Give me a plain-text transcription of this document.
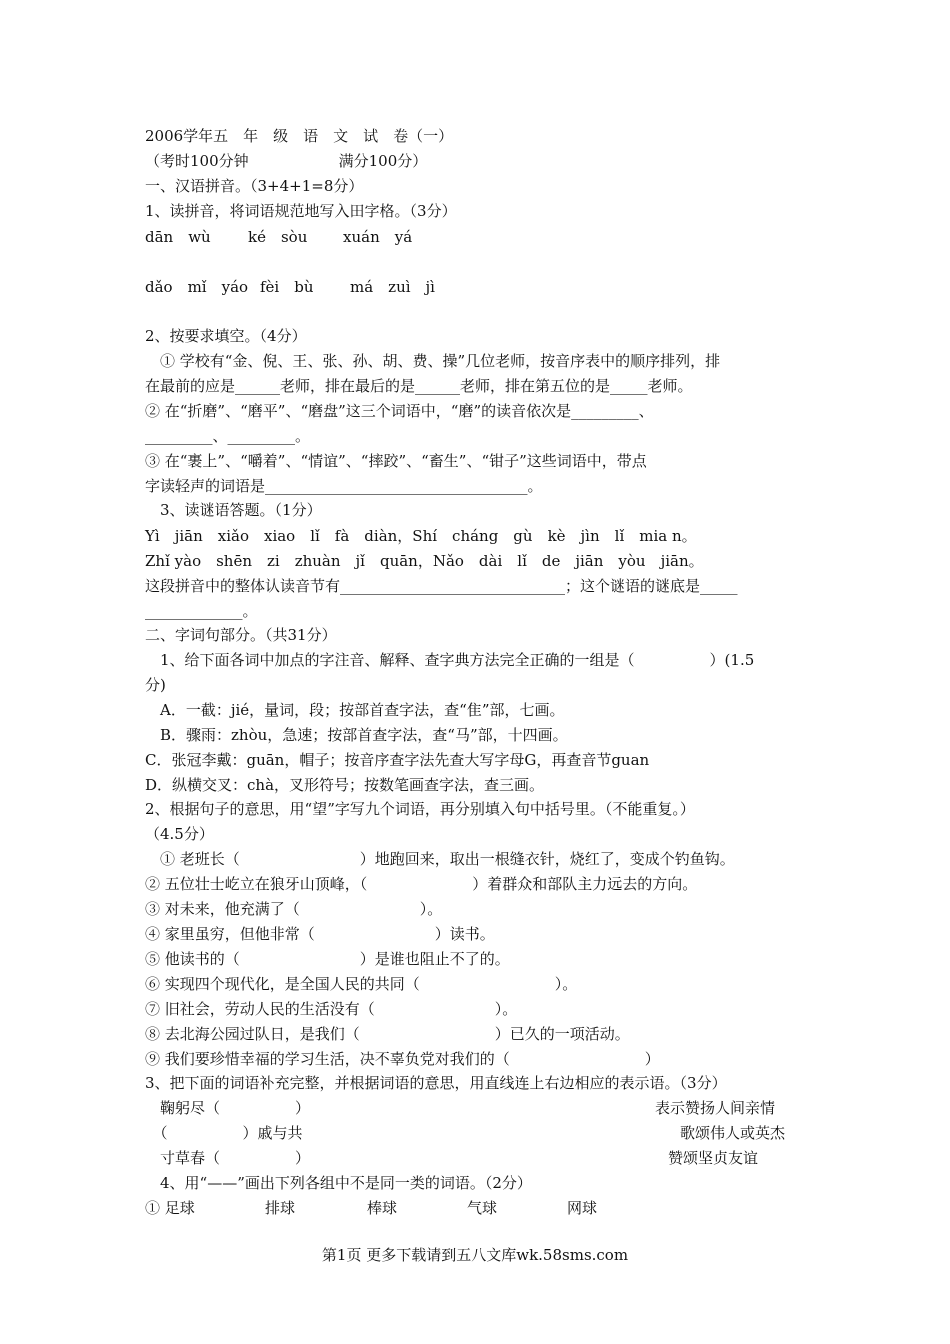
2006学年五　年　级　语　文　试　卷（一）

（考时100分钟　　　　　　满分100分）

一、汉语拼音。（3+4+1=8分）

1、读拼音，将词语规范地写入田字格。（3分）

dān　wù ké　sòu xuán　yá

dǎo　mǐ　yáo fèi　bù má　zuì　jì

2、按要求填空。（4分）

　① 学校有“金、倪、王、张、孙、胡、费、操”几位老师，按音序表中的顺序排列，排

在最前的应是______老师，排在最后的是______老师，排在第五位的是_____老师。

② 在“折磨”、“磨平”、“磨盘”这三个词语中，“磨”的读音依次是_________、

_________、_________。

③ 在“裹上”、“嚼着”、“情谊”、“摔跤”、“畜生”、“钳子”这些词语中，带点

字读轻声的词语是___________________________________。

　3、读谜语答题。（1分）

Yì　jiān　xiǎo　xiao　lǐ　fà　diàn，Shí　cháng　gù　kè　jìn　lǐ　mia n。

Zhǐ yào　shēn　zi　zhuàn　jǐ　quān，Nǎo　dài　lǐ　de　jiān　yòu　jiān。

这段拼音中的整体认读音节有______________________________；这个谜语的谜底是_____

_____________。

二、字词句部分。（共31分）

　1、给下面各词中加点的字注音、解释、查字典方法完全正确的一组是（　　　　　）(1.5

分)

　A．一截：jié，量词，段；按部首查字法，查“隹”部，七画。

　B．骤雨：zhòu，急速；按部首查字法，查“马”部，十四画。

C．张冠李戴：guān，帽子；按音序查字法先查大写字母G，再查音节guan

D．纵横交叉：chà，叉形符号；按数笔画查字法，查三画。

2、根据句子的意思，用“望”字写九个词语，再分别填入句中括号里。（不能重复。）

（4.5分）

　① 老班长（　　　　　　　　）地跑回来，取出一根缝衣针，烧红了，变成个钓鱼钩。

② 五位壮士屹立在狼牙山顶峰，（　　　　　　　）着群众和部队主力远去的方向。

③ 对未来，他充满了（　　　　　　　　）。

④ 家里虽穷，但他非常（　　　　　　　　）读书。

⑤ 他读书的（　　　　　　　　）是谁也阻止不了的。

⑥ 实现四个现代化，是全国人民的共同（　　　　　　　　　）。

⑦ 旧社会，劳动人民的生活没有（　　　　　　　　）。

⑧ 去北海公园过队日，是我们（　　　　　　　　　）已久的一项活动。

⑨ 我们要珍惜幸福的学习生活，决不辜负党对我们的（　　　　　　　　　）

3、把下面的词语补充完整，并根据词语的意思，用直线连上右边相应的表示语。（3分）

　鞠躬尽（　　　　　）	表示赞扬人间亲情

　（　　　　　）戚与共	歌颂伟人或英杰

　寸草春（　　　　　）	赞颂坚贞友谊

　4、用“——”画出下列各组中不是同一类的词语。（2分）

① 足球	排球	棒球	气球	网球

第1页 更多下载请到五八文库wk.58sms.com
